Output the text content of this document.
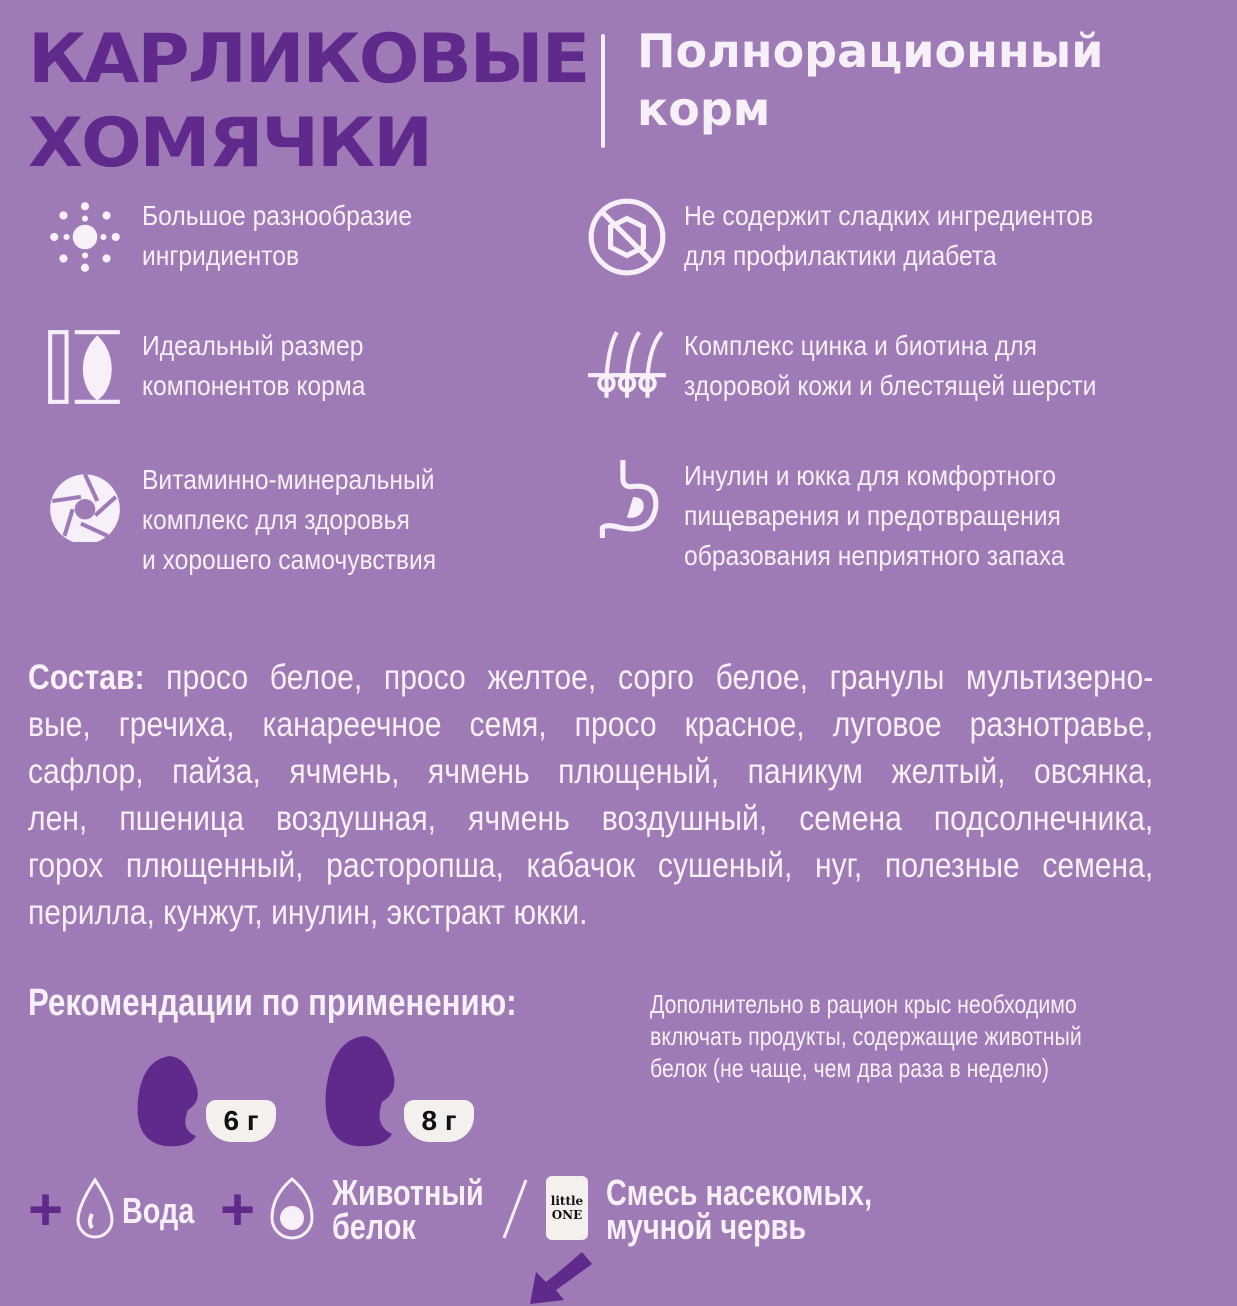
КАРЛИКОВЫЕ
ХОМЯЧКИ
Полнорационный
корм
Большое разнообразие
ингридиентов
Не содержит сладких ингредиентов
для профилактики диабета
Идеальный размер
компонентов корма
Комплекс цинка и биотина для
здоровой кожи и блестящей шерсти
Витаминно-минеральный
комплекс для здоровья
и хорошего самочувствия
Инулин и юкка для комфортного
пищеварения и предотвращения
образования неприятного запаха
Состав: просо белое, просо желтое, сорго белое, гранулы мультизерно-
вые, гречиха, канареечное семя, просо красное, луговое разнотравье,
сафлор, пайза, ячмень, ячмень плющеный, паникум желтый, овсянка,
лен, пшеница воздушная, ячмень воздушный, семена подсолнечника,
горох плющенный, расторопша, кабачок сушеный, нуг, полезные семена,
перилла, кунжут, инулин, экстракт юкки.
Рекомендации по применению:	Дополнительно в рацион крыс необходимо
включать продукты, содержащие животный
белок (не чаще, чем два раза в неделю)
6 г	8 г
+ Вода + Животный
белок
little ONE
Смесь насекомых,
мучной червь
